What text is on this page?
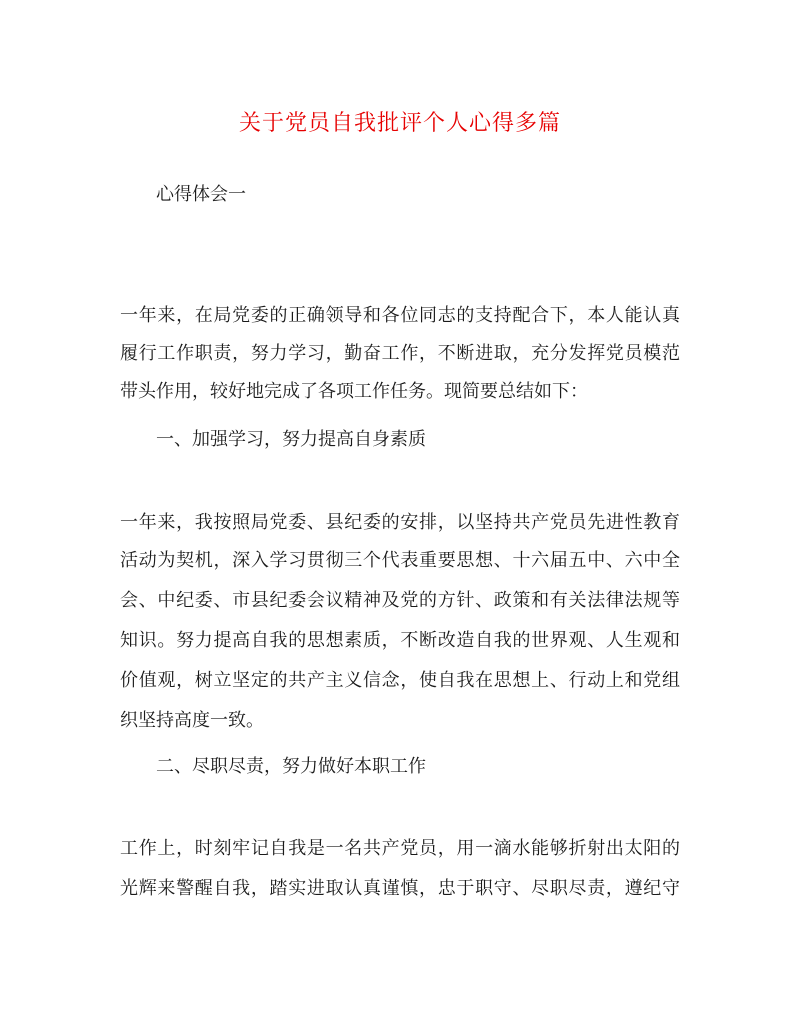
关于党员自我批评个人心得多篇
心得体会一
一年来，在局党委的正确领导和各位同志的支持配合下，本人能认真
履行工作职责，努力学习，勤奋工作，不断进取，充分发挥党员模范
带头作用，较好地完成了各项工作任务。现简要总结如下：
一、加强学习，努力提高自身素质
一年来，我按照局党委、县纪委的安排，以坚持共产党员先进性教育
活动为契机，深入学习贯彻三个代表重要思想、十六届五中、六中全
会、中纪委、市县纪委会议精神及党的方针、政策和有关法律法规等
知识。努力提高自我的思想素质，不断改造自我的世界观、人生观和
价值观，树立坚定的共产主义信念，使自我在思想上、行动上和党组
织坚持高度一致。
二、尽职尽责，努力做好本职工作
工作上，时刻牢记自我是一名共产党员，用一滴水能够折射出太阳的
光辉来警醒自我，踏实进取认真谨慎，忠于职守、尽职尽责，遵纪守
